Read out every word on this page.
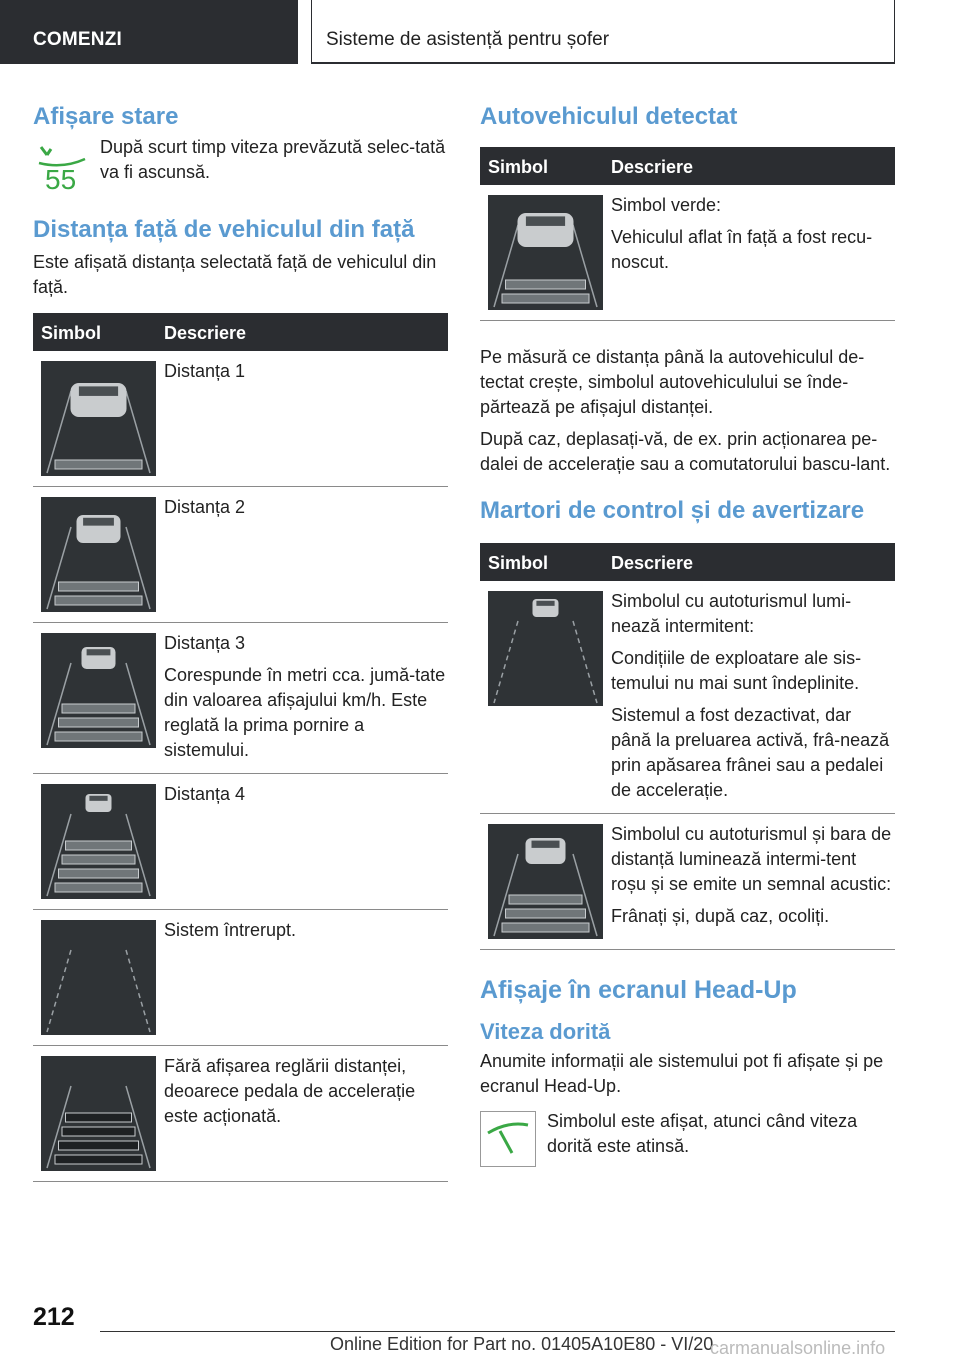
COMENZI	Sisteme de asistență pentru șofer
Afișare stare
55

După scurt timp viteza prevăzută selec‐tată va fi ascunsă.

Distanța față de vehiculul din față

Este afișată distanța selectată față de vehiculul din față.

Simbol	Descriere

Distanța 1

Distanța 2

Distanța 3

Corespunde în metri cca. jumă‐tate din valoarea afișajului km/h. Este reglată la prima pornire a sistemului.

Distanța 4

Sistem întrerupt.

Fără afișarea reglării distanței, deoarece pedala de accelerație este acționată.

Autovehiculul detectat
Simbol	Descriere

Simbol verde:

Vehiculul aflat în față a fost recu‐noscut.

Pe măsură ce distanța până la autovehiculul de‐tectat crește, simbolul autovehiculului se înde‐părtează pe afișajul distanței.

După caz, deplasați-vă, de ex. prin acționarea pe‐dalei de accelerație sau a comutatorului bascu‐lant.

Martori de control și de avertizare
Simbol	Descriere

Simbolul cu autoturismul lumi‐nează intermitent:

Condițiile de exploatare ale sis‐temului nu mai sunt îndeplinite.

Sistemul a fost dezactivat, dar până la preluarea activă, frâ‐nează prin apăsarea frânei sau a pedalei de accelerație.

Simbolul cu autoturismul și bara de distanță luminează intermi‐tent roșu și se emite un semnal acustic:

Frânați și, după caz, ocoliți.

Afișaje în ecranul Head-Up
Viteza dorită

Anumite informații ale sistemului pot fi afișate și pe ecranul Head-Up.

Simbolul este afișat, atunci când viteza dorită este atinsă.

212
Online Edition for Part no. 01405A10E80 - VI/20
carmanualsonline.info
